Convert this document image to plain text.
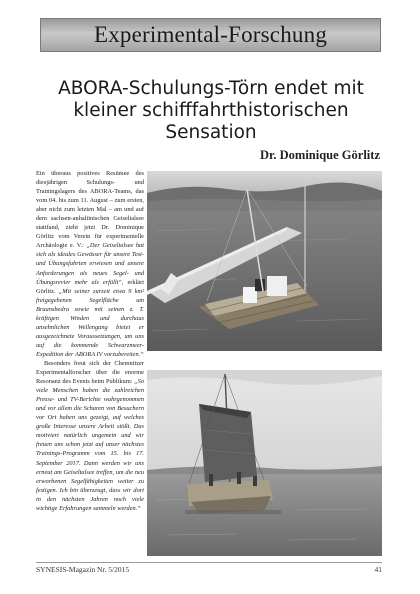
Experimental-Forschung
ABORA-Schulungs-Törn endet mit kleiner schifffahrthistorischen Sensation
Dr. Dominique Görlitz

Ein überaus positives Resümee des diesjährigen Schulungs- und Trainingslagers des ABORA-Teams, das vom 04. bis zum 11. August – zum ersten, aber nicht zum letzten Mal – am und auf dem sachsen-anhaltinischen Geiseltalsee stattfand, zieht jetzt Dr. Dominique Görlitz vom Verein für experimentelle Archäologie e. V.: „Der Geiseltalsee hat sich als ideales Gewässer für unsere Test- und Übungsfahrten erwiesen und unsere Anforderungen als neues Segel- und Übungsrevier mehr als erfüllt“, erklärt Görlitz. „Mit seiner zurzeit etwa 9 km² freigegebenen Segelfläche um Braunsbedra sowie mit seinen z. T. kräftigen Winden und durchaus ansehnlichen Wellengang bietet er ausgezeichnete Voraussetzungen, um uns auf die kommende Schwarzmeer-Expedition der ABORA IV vorzubereiten.“

Besonders freut sich der Chemnitzer Experimentalforscher über die enorme Resonanz des Events beim Publikum: „So viele Menschen haben die zahlreichen Presse- und TV-Berichte wahrgenommen und vor allem die Scharen von Besuchern vor Ort haben uns gezeigt, auf welches große Interesse unsere Arbeit stößt. Das motiviert natürlich ungemein und wir freuen uns schon jetzt auf unser nächstes Trainings-Programm vom 15. bis 17. September 2017. Dann werden wir uns erneut am Geiseltalsee treffen, um die neu erworbenen Segelfähigkeiten weiter zu festigen. Ich bin überzeugt, dass wir dort in den nächsten Jahren noch viele wichtige Erfahrungen sammeln werden.“

SYNESIS-Magazin Nr. 5/2015	41
